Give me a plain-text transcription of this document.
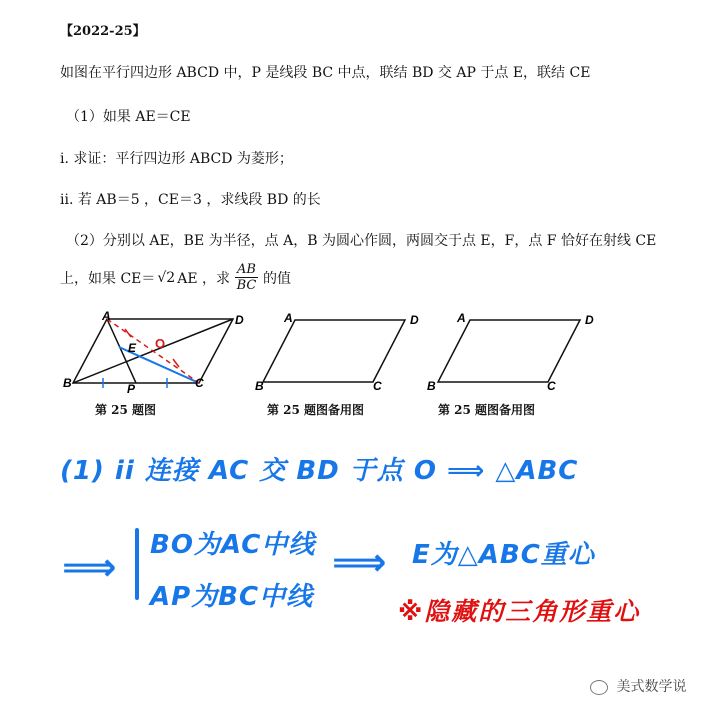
【2022-25】
如图在平行四边形 ABCD 中，P 是线段 BC 中点，联结 BD 交 AP 于点 E，联结 CE
（1）如果 AE＝CE
i. 求证：平行四边形 ABCD 为菱形；
ii. 若 AB＝5 ，CE＝3 ，求线段 BD 的长
（2）分别以 AE，BE 为半径，点 A，B 为圆心作圆，两圆交于点 E，F，点 F 恰好在射线 CE
上，如果 CE＝ √2 AE ，求 $\frac{AB}{BC}$ 的值
A
B	C
D
E
P
O
第 25 题图
A	D
B	C
第 25 题图备用图
A	D
B	C
第 25 题图备用图
(1) ii 连接 AC 交 BD 于点 O ⟹ △ABC
⟹ BO为AC中线
AP为BC中线
⟹ E为△ABC重心
※隐藏的三角形重心
美式数学说
